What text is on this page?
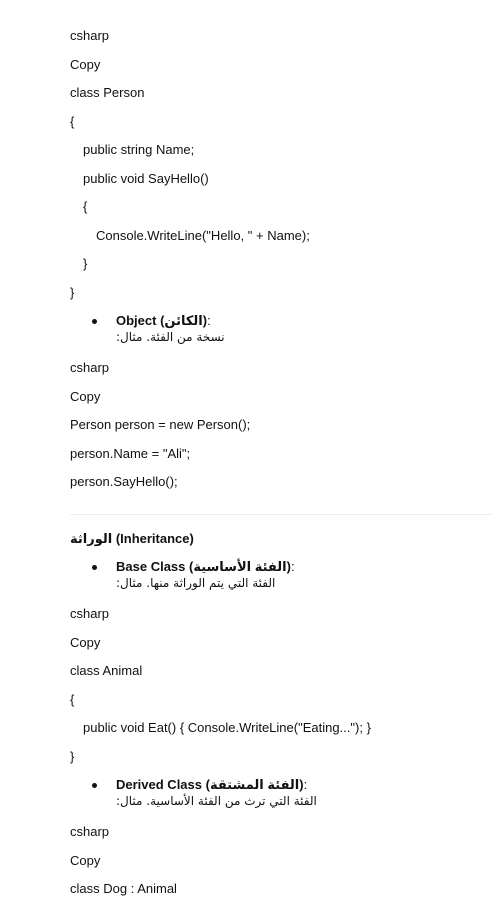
csharp
Copy
class Person
{
public string Name;
public void SayHello()
{
Console.WriteLine("Hello, " + Name);
}
}
Object (الكائن):
نسخة من الفئة. مثال:
csharp
Copy
Person person = new Person();
person.Name = "Ali";
person.SayHello();
الوراثة (Inheritance)
Base Class (الفئة الأساسية):
الفئة التي يتم الوراثة منها. مثال:
csharp
Copy
class Animal
{
public void Eat() { Console.WriteLine("Eating..."); }
}
Derived Class (الفئة المشتقة):
الفئة التي ترث من الفئة الأساسية. مثال:
csharp
Copy
class Dog : Animal
